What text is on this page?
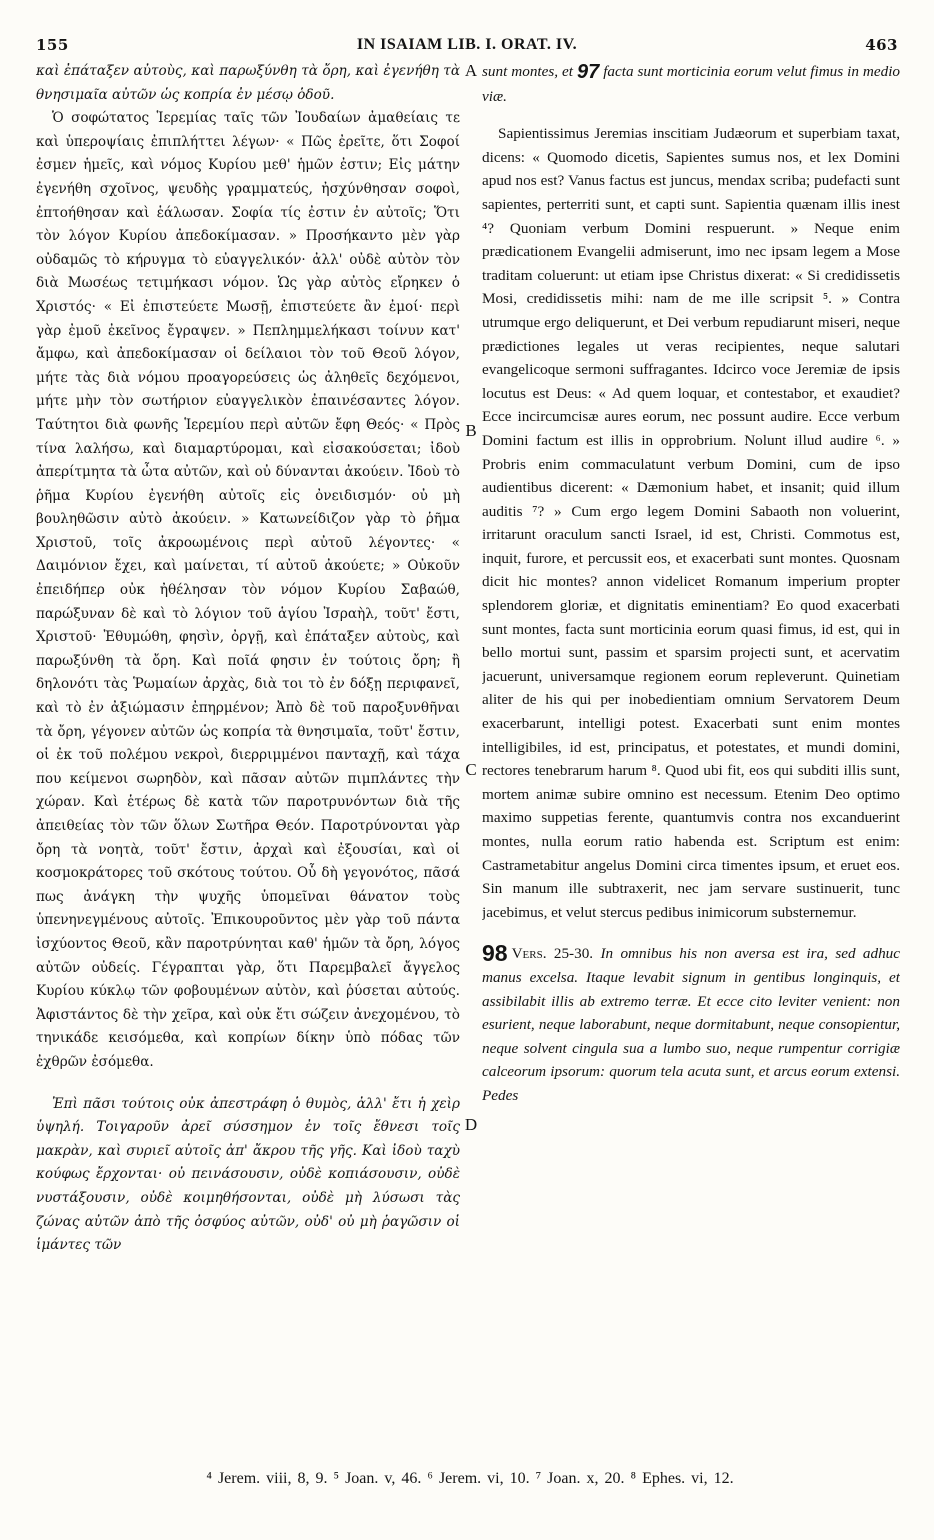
155	IN ISAIAM LIB. I. ORAT. IV.	463

καὶ ἐπάταξεν αὐτοὺς, καὶ παρωξύνθη τὰ ὄρη, καὶ ἐγενήθη τὰ θνησιμαῖα αὐτῶν ὡς κοπρία ἐν μέσῳ ὁδοῦ.

Ὁ σοφώτατος Ἱερεμίας ταῖς τῶν Ἰουδαίων ἀμαθείαις τε καὶ ὑπεροψίαις ἐπιπλήττει λέγων· « Πῶς ἐρεῖτε, ὅτι Σοφοί ἐσμεν ἡμεῖς, καὶ νόμος Κυρίου μεθ' ἡμῶν ἐστιν; Εἰς μάτην ἐγενήθη σχοῖνος, ψευδὴς γραμματεύς, ἠσχύνθησαν σοφοὶ, ἐπτοήθησαν καὶ ἑάλωσαν. Σοφία τίς ἐστιν ἐν αὐτοῖς; Ὅτι τὸν λόγον Κυρίου ἀπεδοκίμασαν. » Προσήκαντο μὲν γὰρ οὐδαμῶς τὸ κήρυγμα τὸ εὐαγγελικόν· ἀλλ' οὐδὲ αὐτὸν τὸν διὰ Μωσέως τετιμήκασι νόμον. Ὡς γὰρ αὐτὸς εἴρηκεν ὁ Χριστός· « Εἰ ἐπιστεύετε Μωσῇ, ἐπιστεύετε ἂν ἐμοί· περὶ γὰρ ἐμοῦ ἐκεῖνος ἔγραψεν. » Πεπλημμελήκασι τοίνυν κατ' ἄμφω, καὶ ἀπεδοκίμασαν οἱ δείλαιοι τὸν τοῦ Θεοῦ λόγον, μήτε τὰς διὰ νόμου προαγορεύσεις ὡς ἀληθεῖς δεχόμενοι, μήτε μὴν τὸν σωτήριον εὐαγγελικὸν ἐπαινέσαντες λόγον. Ταύτητοι διὰ φωνῆς Ἱερεμίου περὶ αὐτῶν ἔφη Θεός· « Πρὸς τίνα λαλήσω, καὶ διαμαρτύρομαι, καὶ εἰσακούσεται; ἰδοὺ ἀπερίτμητα τὰ ὦτα αὐτῶν, καὶ οὐ δύνανται ἀκούειν. Ἰδοὺ τὸ ῥῆμα Κυρίου ἐγενήθη αὐτοῖς εἰς ὀνειδισμόν· οὐ μὴ βουληθῶσιν αὐτὸ ἀκούειν. » Κατωνείδιζον γὰρ τὸ ῥῆμα Χριστοῦ, τοῖς ἀκροωμένοις περὶ αὐτοῦ λέγοντες· « Δαιμόνιον ἔχει, καὶ μαίνεται, τί αὐτοῦ ἀκούετε; » Οὐκοῦν ἐπειδήπερ οὐκ ἠθέλησαν τὸν νόμον Κυρίου Σαβαώθ, παρώξυναν δὲ καὶ τὸ λόγιον τοῦ ἁγίου Ἰσραὴλ, τοῦτ' ἔστι, Χριστοῦ· Ἐθυμώθη, φησὶν, ὀργῇ, καὶ ἐπάταξεν αὐτοὺς, καὶ παρωξύνθη τὰ ὄρη. Καὶ ποῖά φησιν ἐν τούτοις ὄρη; ἢ δηλονότι τὰς Ῥωμαίων ἀρχὰς, διὰ τοι τὸ ἐν δόξῃ περιφανεῖ, καὶ τὸ ἐν ἀξιώμασιν ἐπηρμένον; Ἀπὸ δὲ τοῦ παροξυνθῆναι τὰ ὄρη, γέγονεν αὐτῶν ὡς κοπρία τὰ θνησιμαῖα, τοῦτ' ἔστιν, οἱ ἐκ τοῦ πολέμου νεκροὶ, διερριμμένοι πανταχῇ, καὶ τάχα που κείμενοι σωρηδὸν, καὶ πᾶσαν αὐτῶν πιμπλάντες τὴν χώραν. Καὶ ἑτέρως δὲ κατὰ τῶν παροτρυνόντων διὰ τῆς ἀπειθείας τὸν τῶν ὅλων Σωτῆρα Θεόν. Παροτρύνονται γὰρ ὄρη τὰ νοητὰ, τοῦτ' ἔστιν, ἀρχαὶ καὶ ἐξουσίαι, καὶ οἱ κοσμοκράτορες τοῦ σκότους τούτου. Οὗ δὴ γεγονότος, πᾶσά πως ἀνάγκη τὴν ψυχῆς ὑπομεῖναι θάνατον τοὺς ὑπενηνεγμένους αὐτοῖς. Ἐπικουροῦντος μὲν γὰρ τοῦ πάντα ἰσχύοντος Θεοῦ, κἂν παροτρύνηται καθ' ἡμῶν τὰ ὄρη, λόγος αὐτῶν οὐδείς. Γέγραπται γὰρ, ὅτι Παρεμβαλεῖ ἄγγελος Κυρίου κύκλῳ τῶν φοβουμένων αὐτὸν, καὶ ῥύσεται αὐτούς. Ἀφιστάντος δὲ τὴν χεῖρα, καὶ οὐκ ἔτι σώζειν ἀνεχομένου, τὸ τηνικάδε κεισόμεθα, καὶ κοπρίων δίκην ὑπὸ πόδας τῶν ἐχθρῶν ἐσόμεθα.

Ἐπὶ πᾶσι τούτοις οὐκ ἀπεστράφη ὁ θυμὸς, ἀλλ' ἔτι ἡ χεὶρ ὑψηλή. Τοιγαροῦν ἀρεῖ σύσσημον ἐν τοῖς ἔθνεσι τοῖς μακρὰν, καὶ συριεῖ αὐτοῖς ἀπ' ἄκρου τῆς γῆς. Καὶ ἰδοὺ ταχὺ κούφως ἔρχονται· οὐ πεινάσουσιν, οὐδὲ κοπιάσουσιν, οὐδὲ νυστάξουσιν, οὐδὲ κοιμηθήσονται, οὐδὲ μὴ λύσωσι τὰς ζώνας αὐτῶν ἀπὸ τῆς ὀσφύος αὐτῶν, οὐδ' οὐ μὴ ῥαγῶσιν οἱ ἱμάντες τῶν

A
B
C
D

sunt montes, et 97 facta sunt morticinia eorum velut fimus in medio viæ.

Sapientissimus Jeremias inscitiam Judæorum et superbiam taxat, dicens: « Quomodo dicetis, Sapientes sumus nos, et lex Domini apud nos est? Vanus factus est juncus, mendax scriba; pudefacti sunt sapientes, perterriti sunt, et capti sunt. Sapientia quænam illis inest ⁴? Quoniam verbum Domini respuerunt. » Neque enim prædicationem Evangelii admiserunt, imo nec ipsam legem a Mose traditam coluerunt: ut etiam ipse Christus dixerat: « Si credidissetis Mosi, credidissetis mihi: nam de me ille scripsit ⁵. » Contra utrumque ergo deliquerunt, et Dei verbum repudiarunt miseri, neque prædictiones legales ut veras recipientes, neque salutari evangelicoque sermoni suffragantes. Idcirco voce Jeremiæ de ipsis locutus est Deus: « Ad quem loquar, et contestabor, et exaudiet? Ecce incircumcisæ aures eorum, nec possunt audire. Ecce verbum Domini factum est illis in opprobrium. Nolunt illud audire ⁶. » Probris enim commaculatunt verbum Domini, cum de ipso audientibus dicerent: « Dæmonium habet, et insanit; quid illum auditis ⁷? » Cum ergo legem Domini Sabaoth non voluerint, irritarunt oraculum sancti Israel, id est, Christi. Commotus est, inquit, furore, et percussit eos, et exacerbati sunt montes. Quosnam dicit hic montes? annon videlicet Romanum imperium propter splendorem gloriæ, et dignitatis eminentiam? Eo quod exacerbati sunt montes, facta sunt morticinia eorum quasi fimus, id est, qui in bello mortui sunt, passim et sparsim projecti sunt, et acervatim jacuerunt, universamque regionem eorum repleverunt. Quinetiam aliter de his qui per inobedientiam omnium Servatorem Deum exacerbarunt, intelligi potest. Exacerbati sunt enim montes intelligibiles, id est, principatus, et potestates, et mundi domini, rectores tenebrarum harum ⁸. Quod ubi fit, eos qui subditi illis sunt, mortem animæ subire omnino est necessum. Etenim Deo optimo maximo suppetias ferente, quantumvis contra nos excanduerint montes, nulla eorum ratio habenda est. Scriptum est enim: Castrametabitur angelus Domini circa timentes ipsum, et eruet eos. Sin manum ille subtraxerit, nec jam servare sustinuerit, tunc jacebimus, et velut stercus pedibus inimicorum substernemur.

98 Vers. 25-30. In omnibus his non aversa est ira, sed adhuc manus excelsa. Itaque levabit signum in gentibus longinquis, et assibilabit illis ab extremo terræ. Et ecce cito leviter venient: non esurient, neque laborabunt, neque dormitabunt, neque consopientur, neque solvent cingula sua a lumbo suo, neque rumpentur corrigiæ calceorum ipsorum: quorum tela acuta sunt, et arcus eorum extensi. Pedes

⁴ Jerem. viii, 8, 9. ⁵ Joan. v, 46. ⁶ Jerem. vi, 10. ⁷ Joan. x, 20. ⁸ Ephes. vi, 12.
